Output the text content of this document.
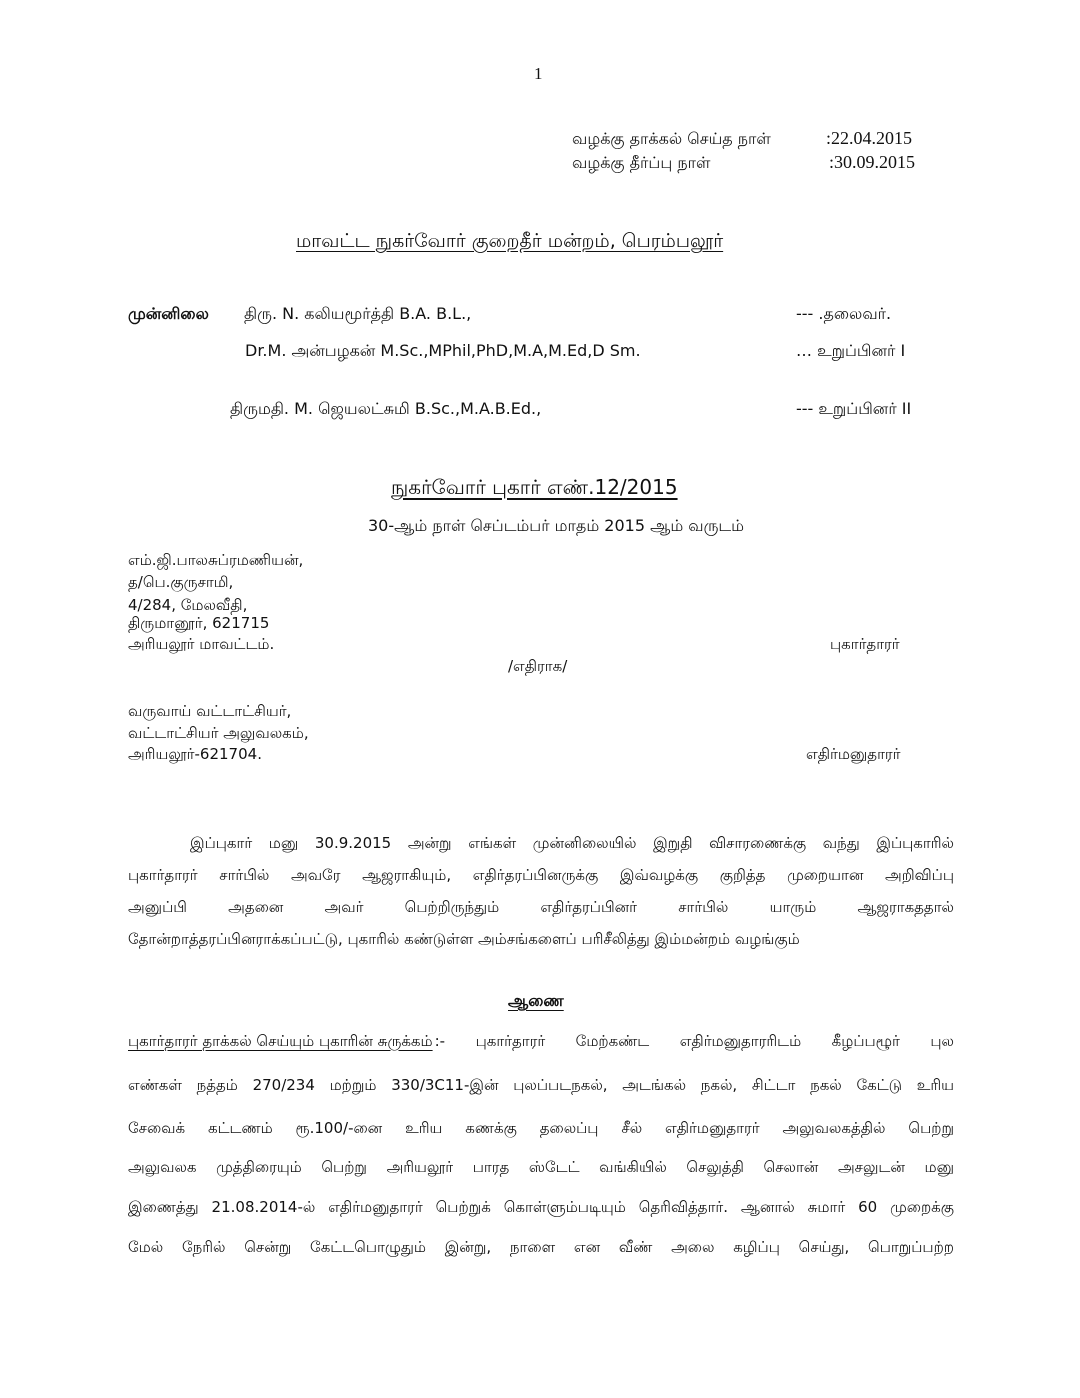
1
வழக்கு தாக்கல் செய்த நாள்	:22.04.2015
வழக்கு தீர்ப்பு நாள்	:30.09.2015
மாவட்ட நுகர்வோர் குறைதீர் மன்றம், பெரம்பலூர்
முன்னிலை திரு. N. கலியமூர்த்தி B.A. B.L.,	--- .தலைவர்.
Dr.M. அன்பழகன் M.Sc.,MPhil,PhD,M.A,M.Ed,D Sm.	… உறுப்பினர் I
திருமதி. M. ஜெயலட்சுமி B.Sc.,M.A.B.Ed.,	--- உறுப்பினர் II
நுகர்வோர் புகார் எண்.12/2015
30-ஆம் நாள் செப்டம்பர் மாதம் 2015 ஆம் வருடம்
எம்.ஜி.பாலசுப்ரமணியன்,
த/பெ.குருசாமி,
4/284, மேலவீதி,
திருமானூர், 621715
அரியலூர் மாவட்டம்.	புகார்தாரர்
/எதிராக/
வருவாய் வட்டாட்சியர்,
வட்டாட்சியர் அலுவலகம்,
அரியலூர்-621704.	எதிர்மனுதாரர்
இப்புகார் மனு 30.9.2015 அன்று எங்கள் முன்னிலையில் இறுதி விசாரணைக்கு வந்து இப்புகாரில்
புகார்தாரர் சார்பில் அவரே ஆஜராகியும், எதிர்தரப்பினருக்கு இவ்வழக்கு குறித்த முறையான அறிவிப்பு
அனுப்பி அதனை அவர் பெற்றிருந்தும் எதிர்தரப்பினர் சார்பில் யாரும் ஆஜராகததால்
தோன்றாத்தரப்பினராக்கப்பட்டு, புகாரில் கண்டுள்ள அம்சங்களைப் பரிசீலித்து இம்மன்றம் வழங்கும்
ஆணை
புகார்தாரர் தாக்கல் செய்யும் புகாரின் சுருக்கம் :- புகார்தாரர் மேற்கண்ட எதிர்மனுதாரரிடம் கீழப்பழூர் புல
எண்கள் நத்தம் 270/234 மற்றும் 330/3C11-இன் புலப்படநகல், அடங்கல் நகல், சிட்டா நகல் கேட்டு உரிய
சேவைக் கட்டணம் ரூ.100/-னை உரிய கணக்கு தலைப்பு சீல் எதிர்மனுதாரர் அலுவலகத்தில் பெற்று
அலுவலக முத்திரையும் பெற்று அரியலூர் பாரத ஸ்டேட் வங்கியில் செலுத்தி செலான் அசலுடன் மனு
இணைத்து 21.08.2014-ல் எதிர்மனுதாரர் பெற்றுக் கொள்ளும்படியும் தெரிவித்தார். ஆனால் சுமார் 60 முறைக்கு
மேல் நேரில் சென்று கேட்டபொழுதும் இன்று, நாளை என வீண் அலை கழிப்பு செய்து, பொறுப்பற்ற
